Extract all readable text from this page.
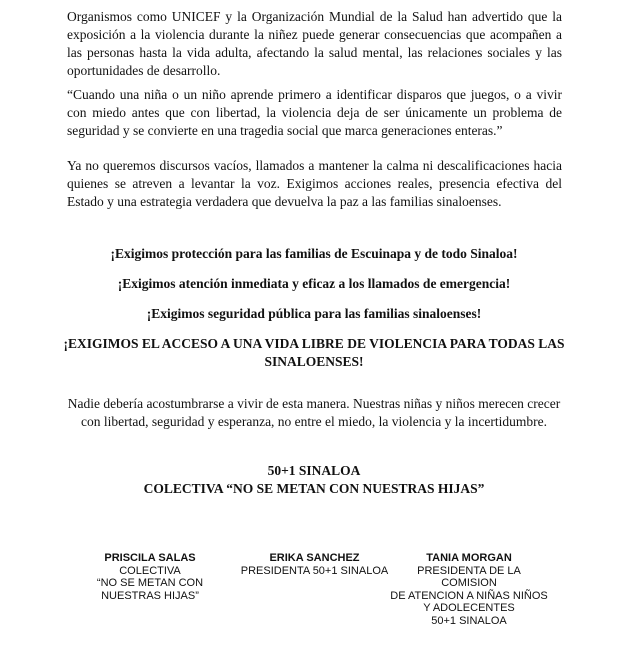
Organismos como UNICEF y la Organización Mundial de la Salud han advertido que la exposición a la violencia durante la niñez puede generar consecuencias que acompañen a las personas hasta la vida adulta, afectando la salud mental, las relaciones sociales y las oportunidades de desarrollo.

“Cuando una niña o un niño aprende primero a identificar disparos que juegos, o a vivir con miedo antes que con libertad, la violencia deja de ser únicamente un problema de seguridad y se convierte en una tragedia social que marca generaciones enteras.”

Ya no queremos discursos vacíos, llamados a mantener la calma ni descalificaciones hacia quienes se atreven a levantar la voz. Exigimos acciones reales, presencia efectiva del Estado y una estrategia verdadera que devuelva la paz a las familias sinaloenses.

¡Exigimos protección para las familias de Escuinapa y de todo Sinaloa!

¡Exigimos atención inmediata y eficaz a los llamados de emergencia!

¡Exigimos seguridad pública para las familias sinaloenses!

¡EXIGIMOS EL ACCESO A UNA VIDA LIBRE DE VIOLENCIA PARA TODAS LAS SINALOENSES!

Nadie debería acostumbrarse a vivir de esta manera. Nuestras niñas y niños merecen crecer con libertad, seguridad y esperanza, no entre el miedo, la violencia y la incertidumbre.

50+1 SINALOA
COLECTIVA “NO SE METAN CON NUESTRAS HIJAS”
PRISCILA SALAS
COLECTIVA
“NO SE METAN CON
NUESTRAS HIJAS”
ERIKA SANCHEZ
PRESIDENTA 50+1 SINALOA
TANIA MORGAN
PRESIDENTA DE LA COMISION
DE ATENCION A NIÑAS NIÑOS
Y ADOLECENTES
50+1 SINALOA
